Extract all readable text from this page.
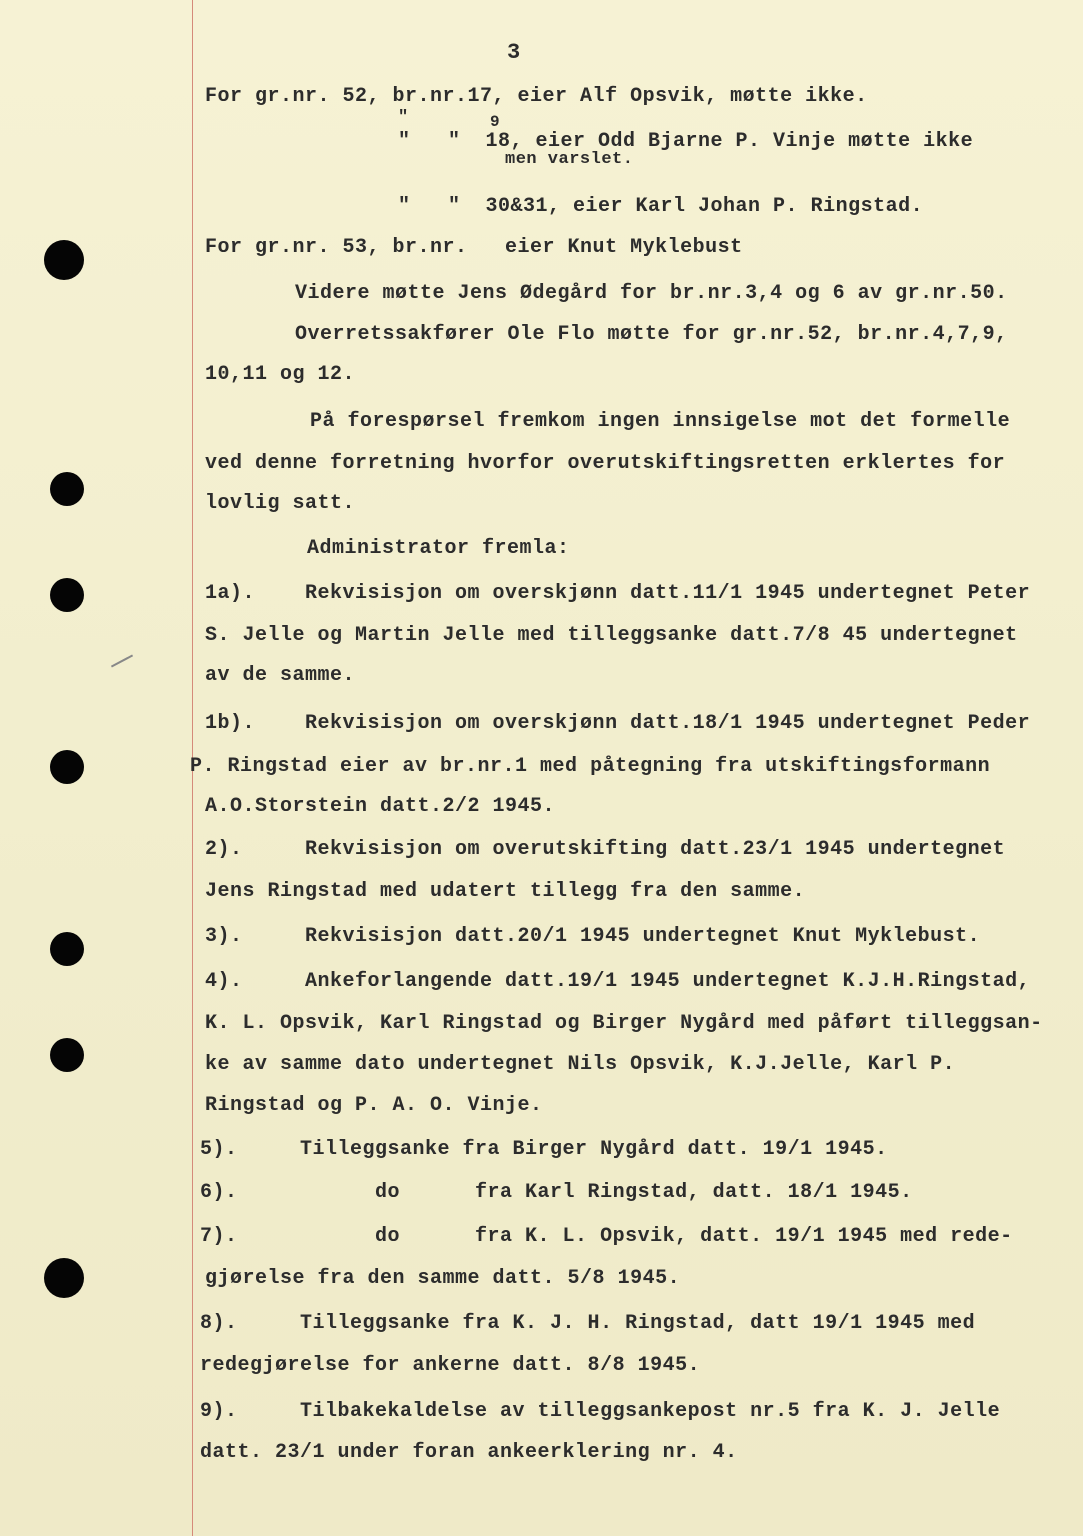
3
For gr.nr. 52, br.nr.17, eier Alf Opsvik, møtte ikke.
"	9
"   "  18, eier Odd Bjarne P. Vinje møtte ikke
men varslet.
"   "  30&31, eier Karl Johan P. Ringstad.
For gr.nr. 53, br.nr.   eier Knut Myklebust
Videre møtte Jens Ødegård for br.nr.3,4 og 6 av gr.nr.50.
Overretssakfører Ole Flo møtte for gr.nr.52, br.nr.4,7,9,
10,11 og 12.
På forespørsel fremkom ingen innsigelse mot det formelle
ved denne forretning hvorfor overutskiftingsretten erklertes for
lovlig satt.
Administrator fremla:
1a).    Rekvisisjon om overskjønn datt.11/1 1945 undertegnet Peter
S. Jelle og Martin Jelle med tilleggsanke datt.7/8 45 undertegnet
av de samme.
1b).    Rekvisisjon om overskjønn datt.18/1 1945 undertegnet Peder
P. Ringstad eier av br.nr.1 med påtegning fra utskiftingsformann
A.O.Storstein datt.2/2 1945.
2).     Rekvisisjon om overutskifting datt.23/1 1945 undertegnet
Jens Ringstad med udatert tillegg fra den samme.
3).     Rekvisisjon datt.20/1 1945 undertegnet Knut Myklebust.
4).     Ankeforlangende datt.19/1 1945 undertegnet K.J.H.Ringstad,
K. L. Opsvik, Karl Ringstad og Birger Nygård med påført tilleggsan-
ke av samme dato undertegnet Nils Opsvik, K.J.Jelle, Karl P.
Ringstad og P. A. O. Vinje.
5).     Tilleggsanke fra Birger Nygård datt. 19/1 1945.
6).           do      fra Karl Ringstad, datt. 18/1 1945.
7).           do      fra K. L. Opsvik, datt. 19/1 1945 med rede-
gjørelse fra den samme datt. 5/8 1945.
8).     Tilleggsanke fra K. J. H. Ringstad, datt 19/1 1945 med
redegjørelse for ankerne datt. 8/8 1945.
9).     Tilbakekaldelse av tilleggsankepost nr.5 fra K. J. Jelle
datt. 23/1 under foran ankeerklering nr. 4.
